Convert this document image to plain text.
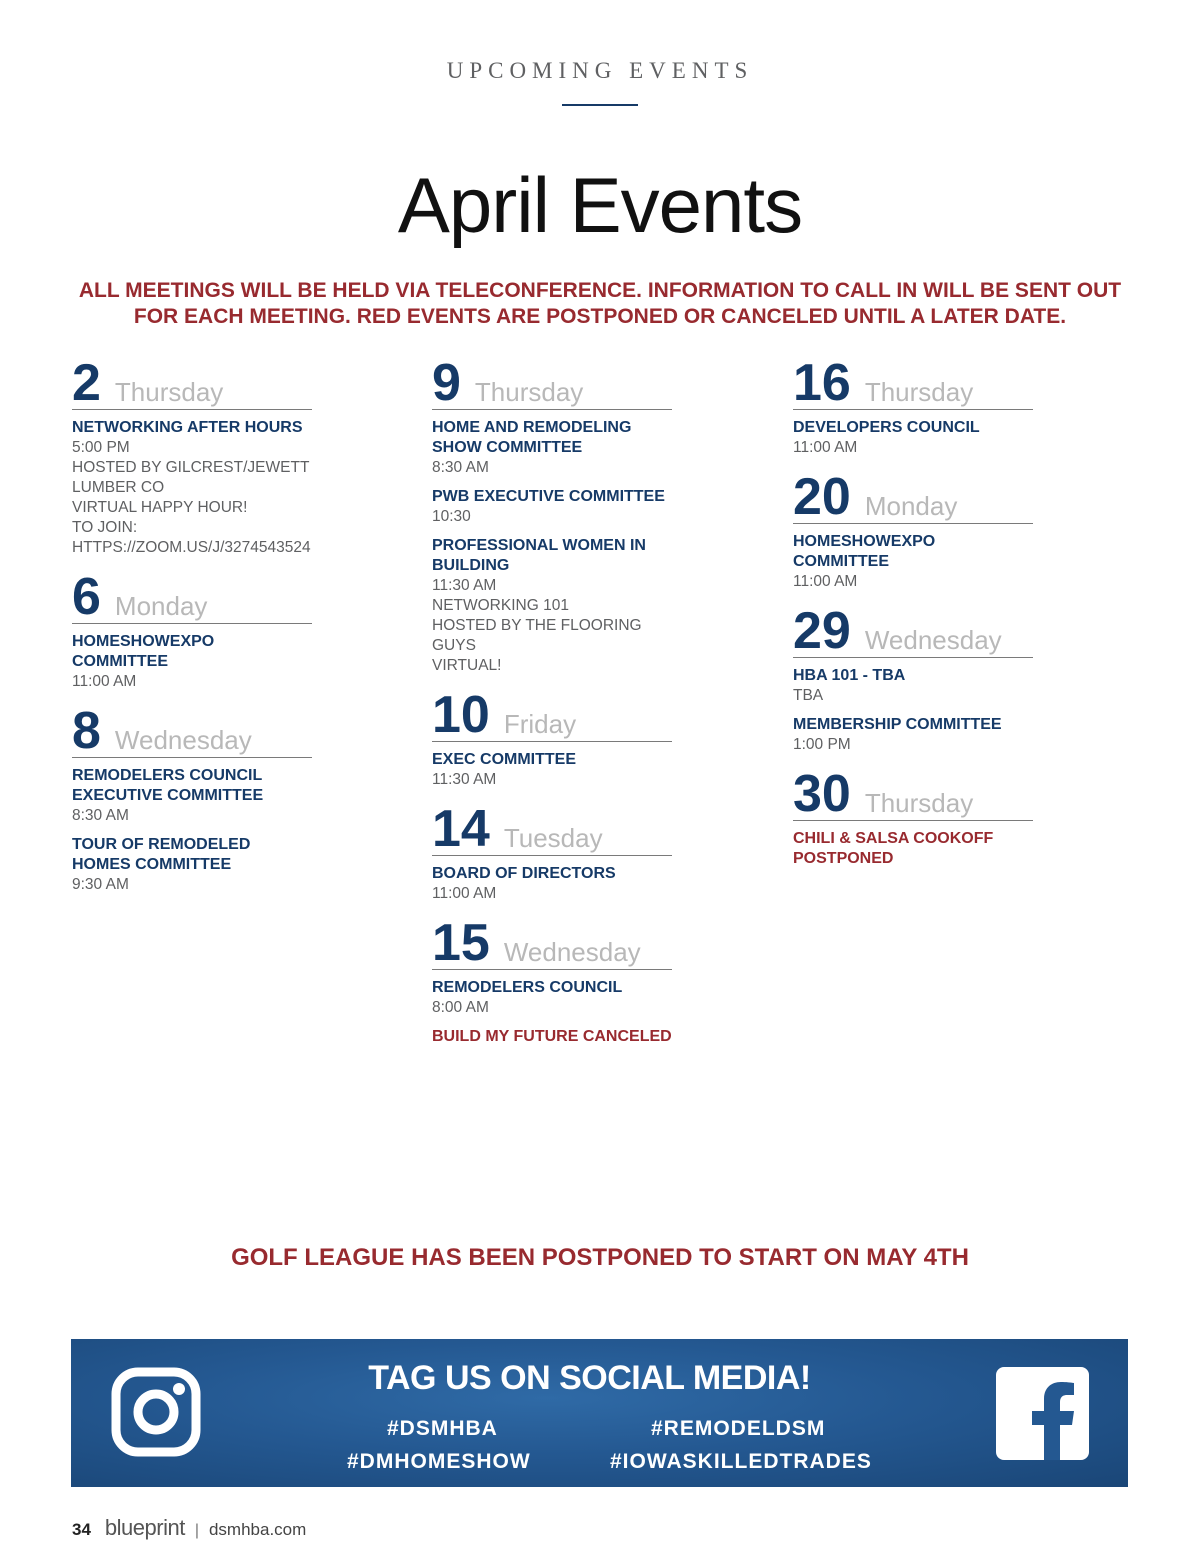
UPCOMING EVENTS
April Events
ALL MEETINGS WILL BE HELD VIA TELECONFERENCE. INFORMATION TO CALL IN WILL BE SENT OUT FOR EACH MEETING. RED EVENTS ARE POSTPONED OR CANCELED UNTIL A LATER DATE.
2 Thursday
NETWORKING AFTER HOURS
5:00 PM
HOSTED BY GILCREST/JEWETT LUMBER CO
VIRTUAL HAPPY HOUR!
TO JOIN:
HTTPS://ZOOM.US/J/3274543524
6 Monday
HOMESHOWEXPO COMMITTEE
11:00 AM
8 Wednesday
REMODELERS COUNCIL EXECUTIVE COMMITTEE
8:30 AM
TOUR OF REMODELED HOMES COMMITTEE
9:30 AM
9 Thursday
HOME AND REMODELING SHOW COMMITTEE
8:30 AM
PWB EXECUTIVE COMMITTEE
10:30
PROFESSIONAL WOMEN IN BUILDING
11:30 AM
NETWORKING 101
HOSTED BY THE FLOORING GUYS
VIRTUAL!
10 Friday
EXEC COMMITTEE
11:30 AM
14 Tuesday
BOARD OF DIRECTORS
11:00 AM
15 Wednesday
REMODELERS COUNCIL
8:00 AM
BUILD MY FUTURE CANCELED
16 Thursday
DEVELOPERS COUNCIL
11:00 AM
20 Monday
HOMESHOWEXPO COMMITTEE
11:00 AM
29 Wednesday
HBA 101 - TBA
TBA
MEMBERSHIP COMMITTEE
1:00 PM
30 Thursday
CHILI & SALSA COOKOFF POSTPONED
GOLF LEAGUE HAS BEEN POSTPONED TO START ON MAY 4TH
TAG US ON SOCIAL MEDIA!
#DSMHBA	#REMODELDSM
#DMHOMESHOW	#IOWASKILLEDTRADES
34 blueprint | dsmhba.com
